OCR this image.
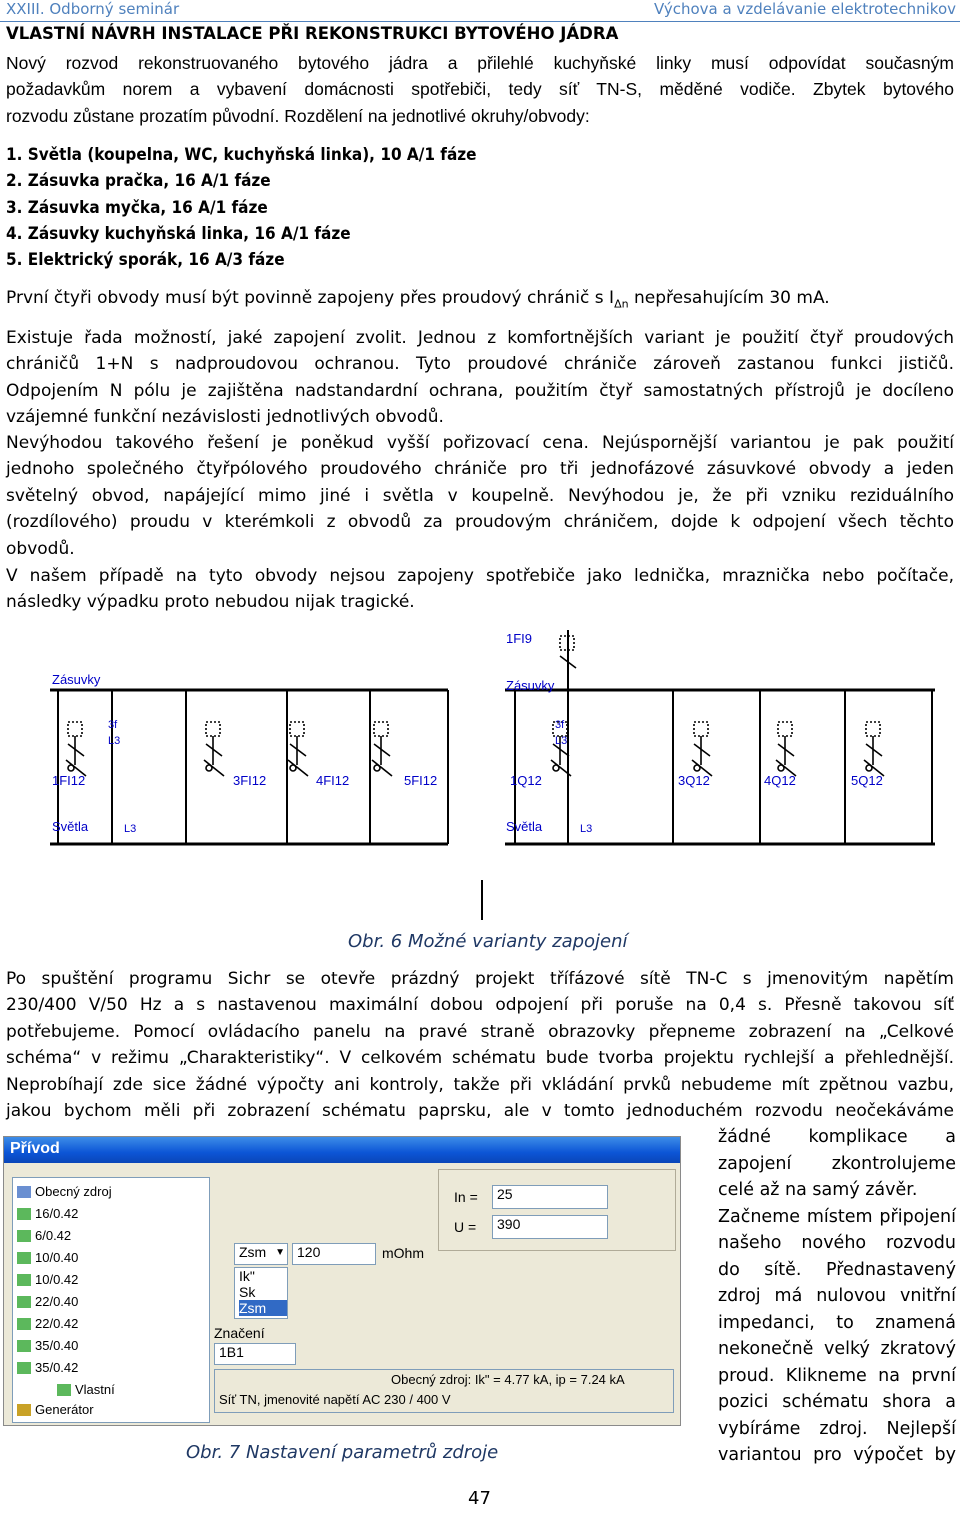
XXIII. Odborný seminár	Výchova a vzdelávanie elektrotechnikov
VLASTNÍ NÁVRH INSTALACE PŘI REKONSTRUKCI BYTOVÉHO JÁDRA
Nový rozvod rekonstruovaného bytového jádra a přilehlé kuchyňské linky musí odpovídat současným
požadavkům norem a vybavení domácnosti spotřebiči, tedy síť TN-S, měděné vodiče. Zbytek bytového
rozvodu zůstane prozatím původní. Rozdělení na jednotlivé okruhy/obvody:
1. Světla (koupelna, WC, kuchyňská linka), 10 A/1 fáze
2. Zásuvka pračka, 16 A/1 fáze
3. Zásuvka myčka, 16 A/1 fáze
4. Zásuvky kuchyňská linka, 16 A/1 fáze
5. Elektrický sporák, 16 A/3 fáze
První čtyři obvody musí být povinně zapojeny přes proudový chránič s $I_{\Delta n}$ nepřesahujícím 30 mA.
Existuje řada možností, jaké zapojení zvolit. Jednou z komfortnějších variant je použití čtyř proudových
chráničů 1+N s nadproudovou ochranou. Tyto proudové chrániče zároveň zastanou funkci jističů.
Odpojením N pólu je zajištěna nadstandardní ochrana, použitím čtyř samostatných přístrojů je docíleno
vzájemné funkční nezávislosti jednotlivých obvodů.
Nevýhodou takového řešení je poněkud vyšší pořizovací cena. Nejúspornější variantou je pak použití
jednoho společného čtyřpólového proudového chrániče pro tři jednofázové zásuvkové obvody a jeden
světelný obvod, napájející mimo jiné i světla v koupelně. Nevýhodou je, že při vzniku reziduálního
(rozdílového) proudu v kterémkoli z obvodů za proudovým chráničem, dojde k odpojení všech těchto
obvodů.
V našem případě na tyto obvody nejsou zapojeny spotřebiče jako lednička, mraznička nebo počítače,
následky výpadku proto nebudou nijak tragické.
Zásuvky
Světla
1FI12	3FI12	4FI12	5FI12
3f
L3
L3
1FI9
Zásuvky
Světla
1Q12	3Q12	4Q12	5Q12
3f
L3
L3
Obr. 6 Možné varianty zapojení
Po spuštění programu Sichr se otevře prázdný projekt třífázové sítě TN-C s jmenovitým napětím
230/400 V/50 Hz a s nastavenou maximální dobou odpojení při poruše na 0,4 s. Přesně takovou síť
potřebujeme. Pomocí ovládacího panelu na pravé straně obrazovky přepneme zobrazení na „Celkové
schéma“ v režimu „Charakteristiky“. V celkovém schématu bude tvorba projektu rychlejší a přehlednější.
Neprobíhají zde sice žádné výpočty ani kontroly, takže při vkládání prvků nebudeme mít zpětnou vazbu,
jakou bychom měli při zobrazení schématu paprsku, ale v tomto jednoduchém rozvodu neočekáváme
Přívod
Obecný zdroj
16/0.42
6/0.42
10/0.40
10/0.42
22/0.40
22/0.42
35/0.40
35/0.42
Vlastní
Generátor
In =	25
U =	390
Zsm ▼ 120	mOhm
Ik"
Sk
Zsm
Značení
1B1
Obecný zdroj: Ik" = 4.77 kA, ip = 7.24 kA
Síť TN, jmenovité napětí AC 230 / 400 V
Obr. 7 Nastavení parametrů zdroje
žádné komplikace a
zapojení zkontrolujeme
celé až na samý závěr.
Začneme místem připojení
našeho nového rozvodu
do sítě. Přednastavený
zdroj má nulovou vnitřní
impedanci, to znamená
nekonečně velký zkratový
proud. Klikneme na první
pozici schématu shora a
vybíráme zdroj. Nejlepší
variantou pro výpočet by
47
